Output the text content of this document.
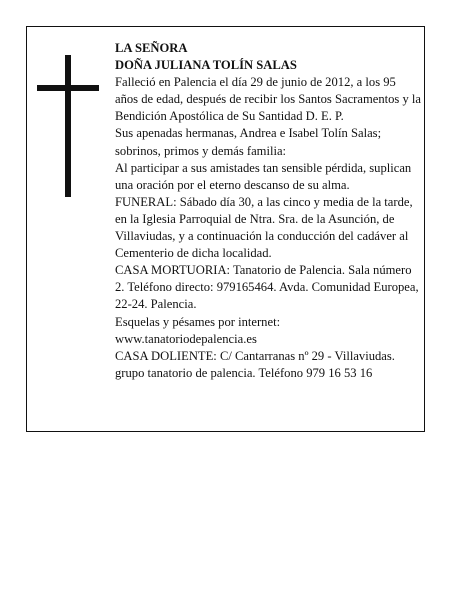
LA SEÑORA
DOÑA JULIANA TOLÍN SALAS

Falleció en Palencia el día 29 de junio de 2012, a los 95 años de edad, después de recibir los Santos Sacramentos y la Bendición Apostólica de Su Santidad D. E. P.

Sus apenadas hermanas, Andrea e Isabel Tolín Salas; sobrinos, primos y demás familia:

Al participar a sus amistades tan sensible pérdida, suplican una oración por el eterno descanso de su alma.

FUNERAL: Sábado día 30, a las cinco y media de la tarde, en la Iglesia Parroquial de Ntra. Sra. de la Asunción, de Villaviudas, y a continuación la conducción del cadáver al Cementerio de dicha localidad.

CASA MORTUORIA: Tanatorio de Palencia. Sala número 2. Teléfono directo: 979165464. Avda. Comunidad Europea, 22-24. Palencia.

Esquelas y pésames por internet: www.tanatoriodepalencia.es

CASA DOLIENTE: C/ Cantarranas nº 29 - Villaviudas.

grupo tanatorio de palencia. Teléfono 979 16 53 16
